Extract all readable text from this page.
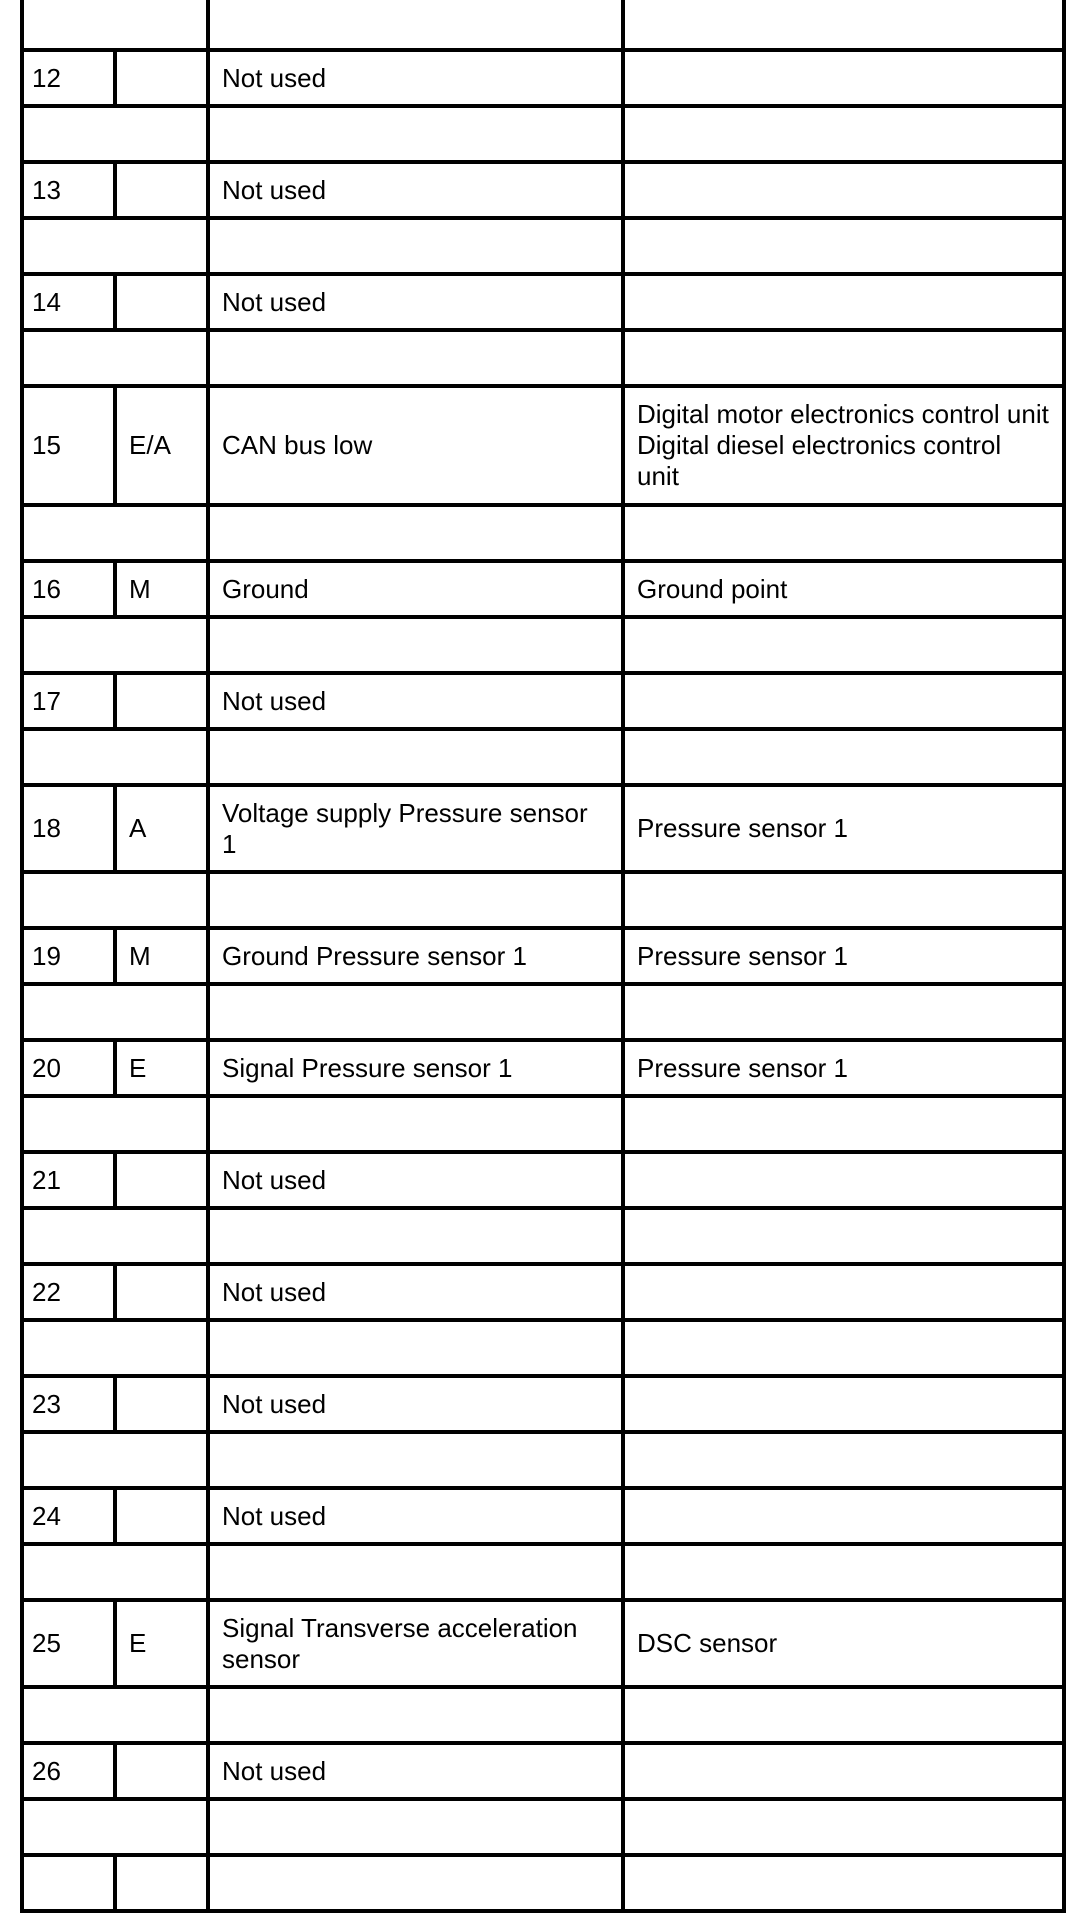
12		Not used	

13		Not used	

14		Not used	

15	E/A	CAN bus low	Digital motor electronics control unit Digital diesel electronics control unit

16	M	Ground	Ground point

17		Not used	

18	A	Voltage supply Pressure sensor 1	Pressure sensor 1

19	M	Ground Pressure sensor 1	Pressure sensor 1

20	E	Signal Pressure sensor 1	Pressure sensor 1

21		Not used	

22		Not used	

23		Not used	

24		Not used	

25	E	Signal Transverse acceleration sensor	DSC sensor

26		Not used	
